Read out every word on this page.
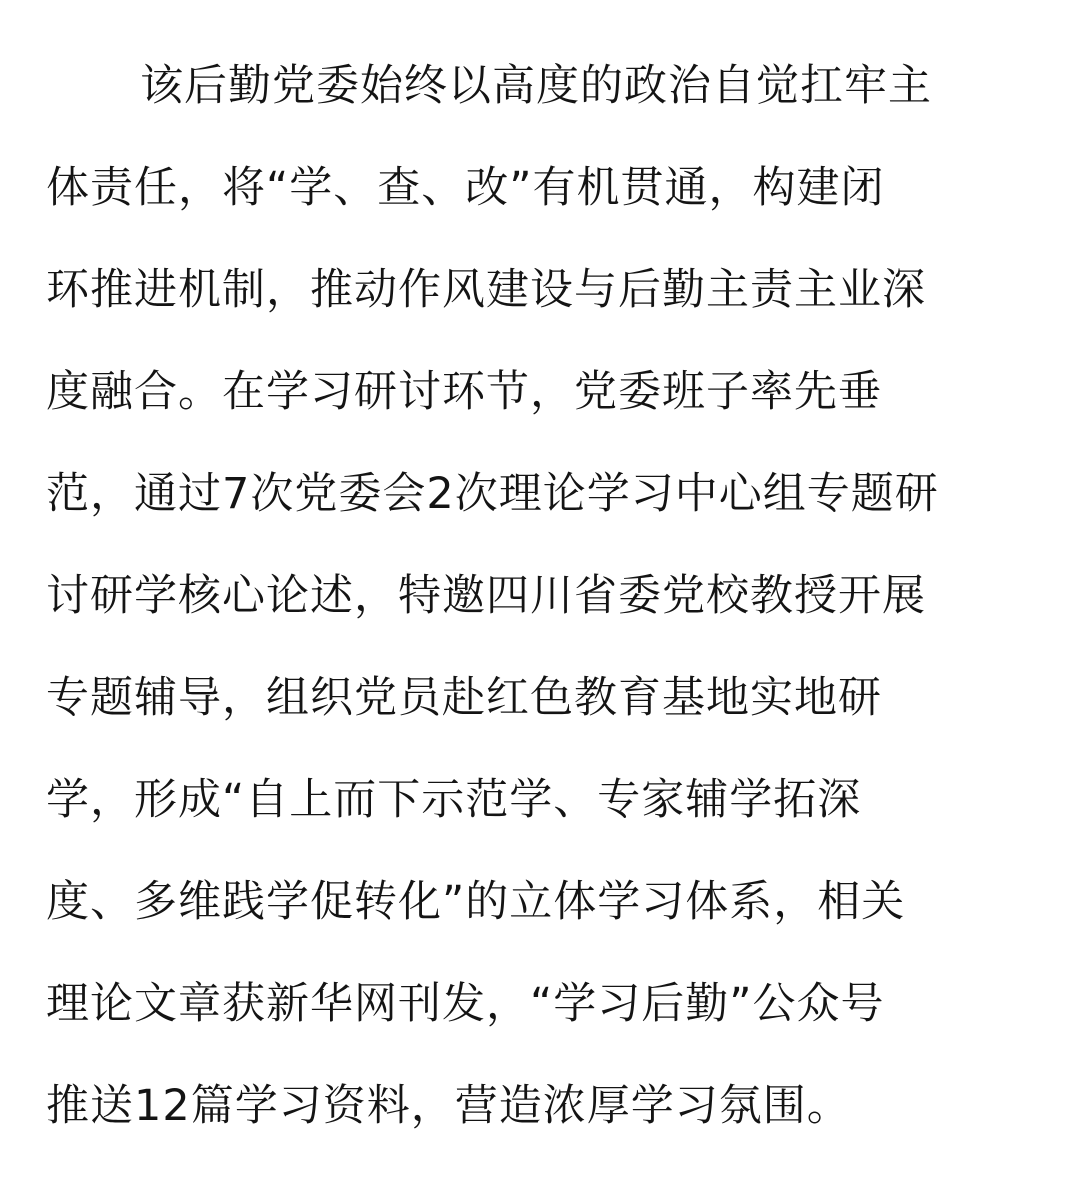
该后勤党委始终以高度的政治自觉扛牢主
体责任，将“学、查、改”有机贯通，构建闭
环推进机制，推动作风建设与后勤主责主业深
度融合。在学习研讨环节，党委班子率先垂
范，通过7次党委会2次理论学习中心组专题研
讨研学核心论述，特邀四川省委党校教授开展
专题辅导，组织党员赴红色教育基地实地研
学，形成“自上而下示范学、专家辅学拓深
度、多维践学促转化”的立体学习体系，相关
理论文章获新华网刊发，“学习后勤”公众号
推送12篇学习资料，营造浓厚学习氛围。
